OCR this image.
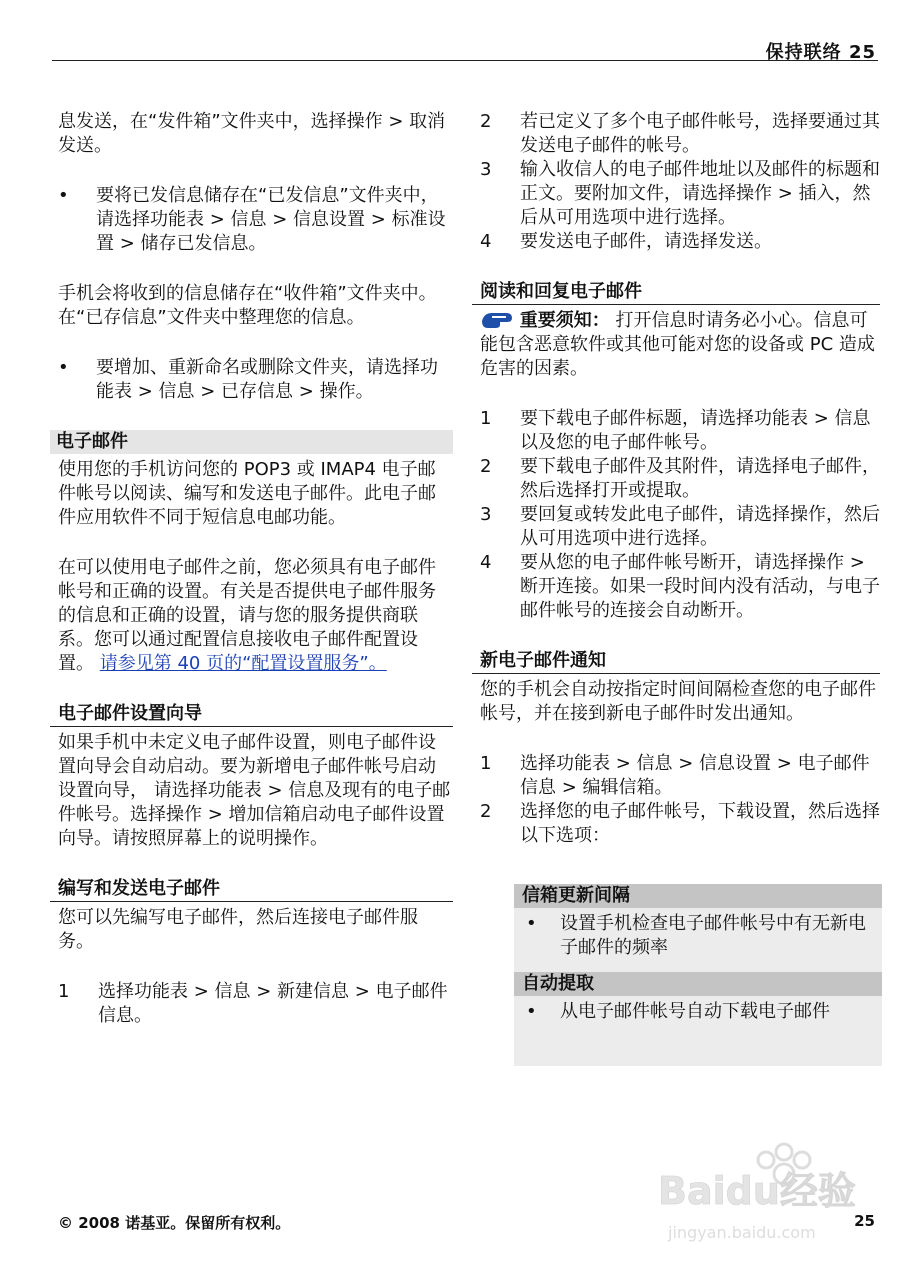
保持联络 25

息发送，在“发件箱”文件夹中，选择操作 > 取消发送。

• 要将已发信息储存在“已发信息”文件夹中，请选择功能表 > 信息 > 信息设置 > 标准设置 > 储存已发信息。

手机会将收到的信息储存在“收件箱”文件夹中。在“已存信息”文件夹中整理您的信息。

• 要增加、重新命名或删除文件夹，请选择功能表 > 信息 > 已存信息 > 操作。
电子邮件

使用您的手机访问您的 POP3 或 IMAP4 电子邮件帐号以阅读、编写和发送电子邮件。此电子邮件应用软件不同于短信息电邮功能。

在可以使用电子邮件之前，您必须具有电子邮件帐号和正确的设置。有关是否提供电子邮件服务的信息和正确的设置，请与您的服务提供商联系。您可以通过配置信息接收电子邮件配置设置。 请参见第 40 页的“配置设置服务”。

电子邮件设置向导

如果手机中未定义电子邮件设置，则电子邮件设置向导会自动启动。要为新增电子邮件帐号启动设置向导， 请选择功能表 > 信息及现有的电子邮件帐号。选择操作 > 增加信箱启动电子邮件设置向导。请按照屏幕上的说明操作。

编写和发送电子邮件

您可以先编写电子邮件，然后连接电子邮件服务。

1 选择功能表 > 信息 > 新建信息 > 电子邮件信息。
2 若已定义了多个电子邮件帐号，选择要通过其发送电子邮件的帐号。
3 输入收信人的电子邮件地址以及邮件的标题和正文。要附加文件，请选择操作 > 插入，然后从可用选项中进行选择。
4 要发送电子邮件，请选择发送。
阅读和回复电子邮件

重要须知： 打开信息时请务必小心。信息可能包含恶意软件或其他可能对您的设备或 PC 造成危害的因素。

1 要下载电子邮件标题，请选择功能表 > 信息以及您的电子邮件帐号。
2 要下载电子邮件及其附件，请选择电子邮件，然后选择打开或提取。
3 要回复或转发此电子邮件，请选择操作，然后从可用选项中进行选择。
4 要从您的电子邮件帐号断开，请选择操作 > 断开连接。如果一段时间内没有活动，与电子邮件帐号的连接会自动断开。
新电子邮件通知

您的手机会自动按指定时间间隔检查您的电子邮件帐号，并在接到新电子邮件时发出通知。

1 选择功能表 > 信息 > 信息设置 > 电子邮件信息 > 编辑信箱。
2 选择您的电子邮件帐号，下载设置，然后选择以下选项：
信箱更新间隔
• 设置手机检查电子邮件帐号中有无新电子邮件的频率
自动提取
• 从电子邮件帐号自动下载电子邮件
Baidu经验
jingyan.baidu.com
© 2008 诺基亚。保留所有权利。	25
